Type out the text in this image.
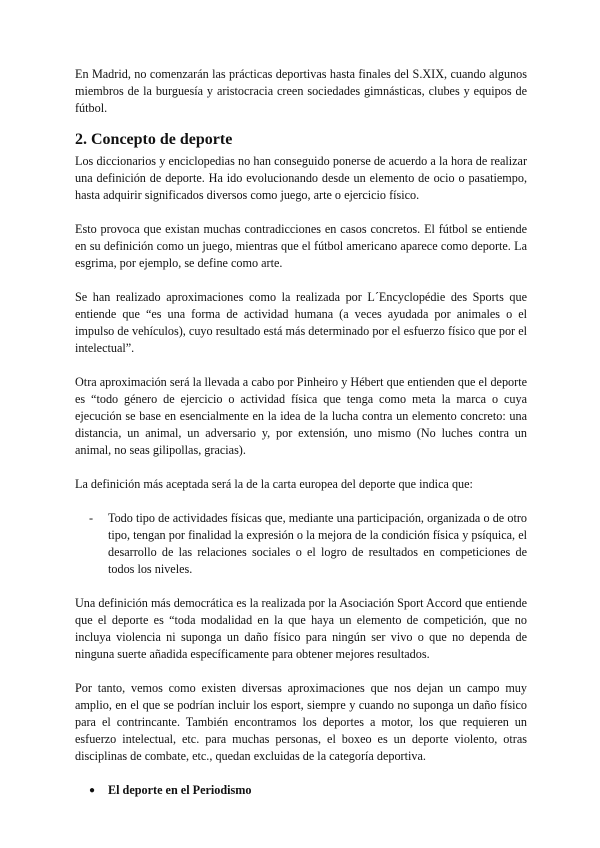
En Madrid, no comenzarán las prácticas deportivas hasta finales del S.XIX, cuando algunos miembros de la burguesía y aristocracia creen sociedades gimnásticas, clubes y equipos de fútbol.

2. Concepto de deporte

Los diccionarios y enciclopedias no han conseguido ponerse de acuerdo a la hora de realizar una definición de deporte. Ha ido evolucionando desde un elemento de ocio o pasatiempo, hasta adquirir significados diversos como juego, arte o ejercicio físico.

Esto provoca que existan muchas contradicciones en casos concretos. El fútbol se entiende en su definición como un juego, mientras que el fútbol americano aparece como deporte. La esgrima, por ejemplo, se define como arte.

Se han realizado aproximaciones como la realizada por L´Encyclopédie des Sports que entiende que “es una forma de actividad humana (a veces ayudada por animales o el impulso de vehículos), cuyo resultado está más determinado por el esfuerzo físico que por el intelectual”.

Otra aproximación será la llevada a cabo por Pinheiro y Hébert que entienden que el deporte es “todo género de ejercicio o actividad física que tenga como meta la marca o cuya ejecución se base en esencialmente en la idea de la lucha contra un elemento concreto: una distancia, un animal, un adversario y, por extensión, uno mismo (No luches contra un animal, no seas gilipollas, gracias).

La definición más aceptada será la de la carta europea del deporte que indica que:

- Todo tipo de actividades físicas que, mediante una participación, organizada o de otro tipo, tengan por finalidad la expresión o la mejora de la condición física y psíquica, el desarrollo de las relaciones sociales o el logro de resultados en competiciones de todos los niveles.

Una definición más democrática es la realizada por la Asociación Sport Accord que entiende que el deporte es “toda modalidad en la que haya un elemento de competición, que no incluya violencia ni suponga un daño físico para ningún ser vivo o que no dependa de ninguna suerte añadida específicamente para obtener mejores resultados.

Por tanto, vemos como existen diversas aproximaciones que nos dejan un campo muy amplio, en el que se podrían incluir los esport, siempre y cuando no suponga un daño físico para el contrincante. También encontramos los deportes a motor, los que requieren un esfuerzo intelectual, etc. para muchas personas, el boxeo es un deporte violento, otras disciplinas de combate, etc., quedan excluidas de la categoría deportiva.

● El deporte en el Periodismo
